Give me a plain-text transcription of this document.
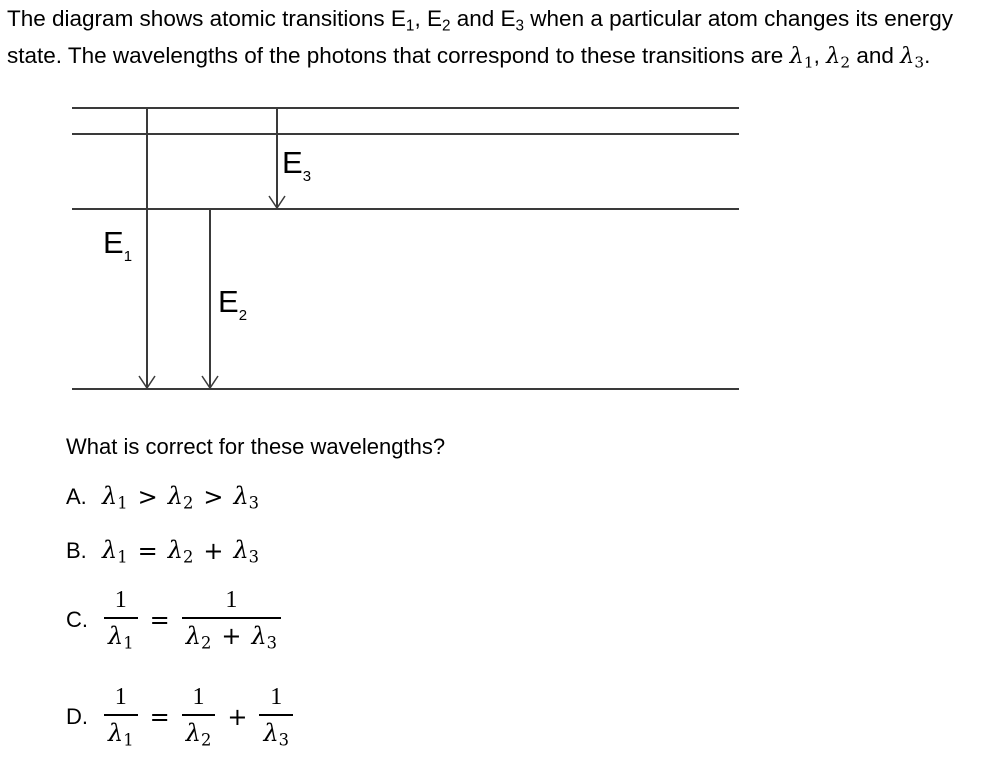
The diagram shows atomic transitions $E_1$, $E_2$ and $E_3$ when a particular atom changes its energy state. The wavelengths of the photons that correspond to these transitions are $\lambda_1$, $\lambda_2$ and $\lambda_3$.

$E_1$
$E_2$
$E_3$

What is correct for these wavelengths?

A. $\lambda_1 > \lambda_2 > \lambda_3$
B. $\lambda_1 = \lambda_2 + \lambda_3$
C. $\frac{1}{\lambda_1} = \frac{1}{\lambda_2 + \lambda_3}$
D. $\frac{1}{\lambda_1} = \frac{1}{\lambda_2} + \frac{1}{\lambda_3}$
